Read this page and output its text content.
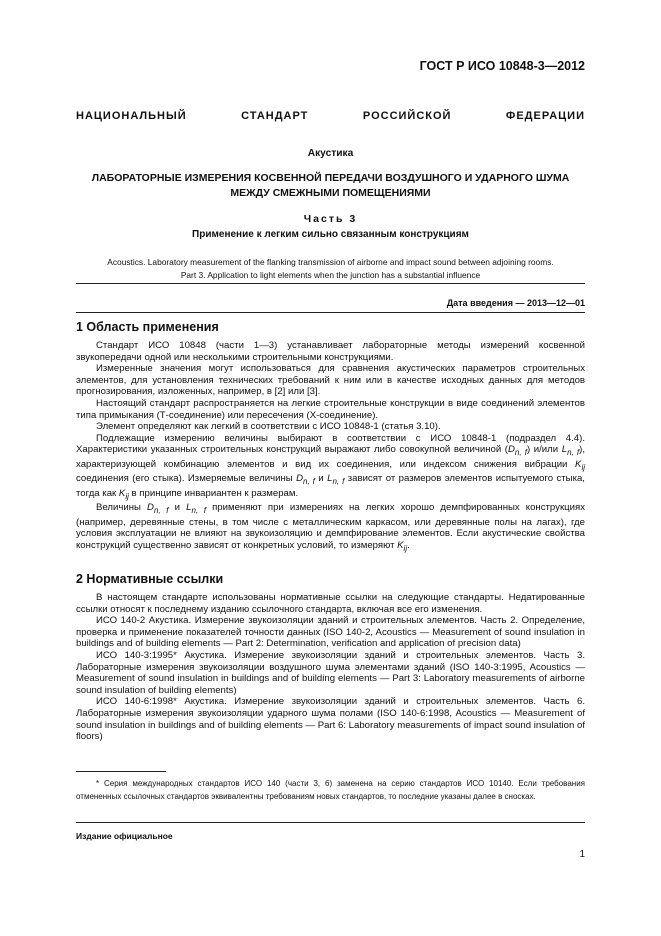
ГОСТ Р ИСО 10848-3—2012
НАЦИОНАЛЬНЫЙ СТАНДАРТ РОССИЙСКОЙ ФЕДЕРАЦИИ
Акустика
ЛАБОРАТОРНЫЕ ИЗМЕРЕНИЯ КОСВЕННОЙ ПЕРЕДАЧИ ВОЗДУШНОГО И УДАРНОГО ШУМА
МЕЖДУ СМЕЖНЫМИ ПОМЕЩЕНИЯМИ
Часть 3
Применение к легким сильно связанным конструкциям
Acoustics. Laboratory measurement of the flanking transmission of airborne and impact sound between adjoining rooms.
Part 3. Application to light elements when the junction has a substantial influence
Дата введения — 2013—12—01
1 Область применения

Стандарт ИСО 10848 (части 1—3) устанавливает лабораторные методы измерений косвенной звукопередачи одной или несколькими строительными конструкциями.

Измеренные значения могут использоваться для сравнения акустических параметров строительных элементов, для установления технических требований к ним или в качестве исходных данных для методов прогнозирования, изложенных, например, в [2] или [3].

Настоящий стандарт распространяется на легкие строительные конструкции в виде соединений элементов типа примыкания (Т-соединение) или пересечения (Х-соединение).

Элемент определяют как легкий в соответствии с ИСО 10848-1 (статья 3.10).

Подлежащие измерению величины выбирают в соответствии с ИСО 10848-1 (подраздел 4.4). Характеристики указанных строительных конструкций выражают либо совокупной величиной $(D_{n, f})$ и/или $L_{n, f}$), характеризующей комбинацию элементов и вид их соединения, или индексом снижения вибрации $K_{ij}$ соединения (его стыка). Измеряемые величины $D_{n, f}$ и $L_{n, f}$ зависят от размеров элементов испытуемого стыка, тогда как $K_{ij}$ в принципе инвариантен к размерам.

Величины $D_{n, f}$ и $L_{n, f}$ применяют при измерениях на легких хорошо демпфированных конструкциях (например, деревянные стены, в том числе с металлическим каркасом, или деревянные полы на лагах), где условия эксплуатации не влияют на звукоизоляцию и демпфирование элементов. Если акустические свойства конструкций существенно зависят от конкретных условий, то измеряют $K_{ij}$.

2 Нормативные ссылки

В настоящем стандарте использованы нормативные ссылки на следующие стандарты. Недатированные ссылки относят к последнему изданию ссылочного стандарта, включая все его изменения.

ИСО 140-2 Акустика. Измерение звукоизоляции зданий и строительных элементов. Часть 2. Определение, проверка и применение показателей точности данных (ISO 140-2, Acoustics — Measurement of sound insulation in buildings and of building elements — Part 2: Determination, verification and application of precision data)

ИСО 140-3:1995* Акустика. Измерение звукоизоляции зданий и строительных элементов. Часть 3. Лабораторные измерения звукоизоляции воздушного шума элементами зданий (ISO 140-3:1995, Acoustics — Measurement of sound insulation in buildings and of building elements — Part 3: Laboratory measurements of airborne sound insulation of building elements)

ИСО 140-6:1998* Акустика. Измерение звукоизоляции зданий и строительных элементов. Часть 6. Лабораторные измерения звукоизоляции ударного шума полами (ISO 140-6:1998, Acoustics — Measurement of sound insulation in buildings and of building elements — Part 6: Laboratory measurements of impact sound insulation of floors)

* Серия международных стандартов ИСО 140 (части 3, 6) заменена на серию стандартов ИСО 10140. Если требования отмененных ссылочных стандартов эквивалентны требованиям новых стандартов, то последние указаны далее в сносках.

Издание официальное
1
